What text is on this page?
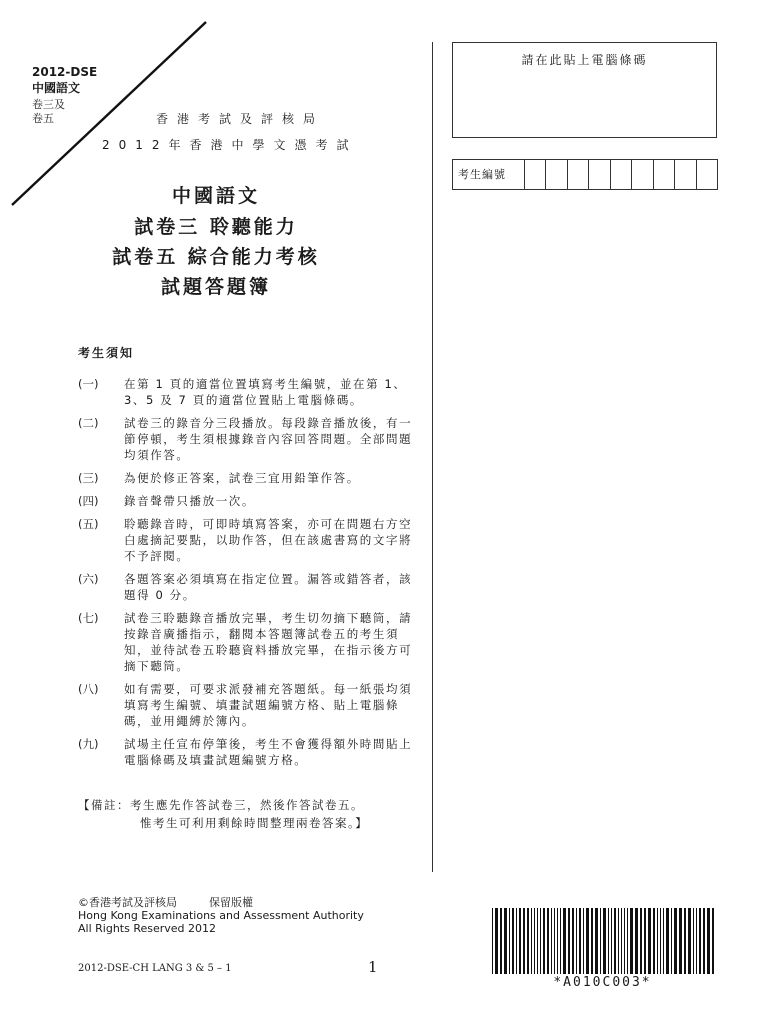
2012-DSE
中國語文
卷三及
卷五	香港考試及評核局
2012年香港中學文憑考試
中國語文
試卷三 聆聽能力
試卷五 綜合能力考核
試題答題簿
考生須知
(一)	在第 1 頁的適當位置填寫考生編號，並在第 1、3、5 及 7 頁的適當位置貼上電腦條碼。
(二)	試卷三的錄音分三段播放。每段錄音播放後，有一節停頓，考生須根據錄音內容回答問題。全部問題均須作答。
(三)	為便於修正答案，試卷三宜用鉛筆作答。
(四)	錄音聲帶只播放一次。
(五)	聆聽錄音時，可即時填寫答案，亦可在問題右方空白處摘記要點，以助作答，但在該處書寫的文字將不予評閱。
(六)	各題答案必須填寫在指定位置。漏答或錯答者，該題得 0 分。
(七)	試卷三聆聽錄音播放完畢，考生切勿摘下聽筒，請按錄音廣播指示，翻閱本答題簿試卷五的考生須知，並待試卷五聆聽資料播放完畢，在指示後方可摘下聽筒。
(八)	如有需要，可要求派發補充答題紙。每一紙張均須填寫考生編號、填畫試題編號方格、貼上電腦條碼，並用繩縛於簿內。
(九)	試場主任宣布停筆後，考生不會獲得額外時間貼上電腦條碼及填畫試題編號方格。
【備註：考生應先作答試卷三，然後作答試卷五。
惟考生可利用剩餘時間整理兩卷答案。】
請在此貼上電腦條碼
考生編號
©香港考試及評核局	保留版權
Hong Kong Examinations and Assessment Authority
All Rights Reserved 2012
2012-DSE-CH LANG 3 & 5 – 1	1
*A010C003*
